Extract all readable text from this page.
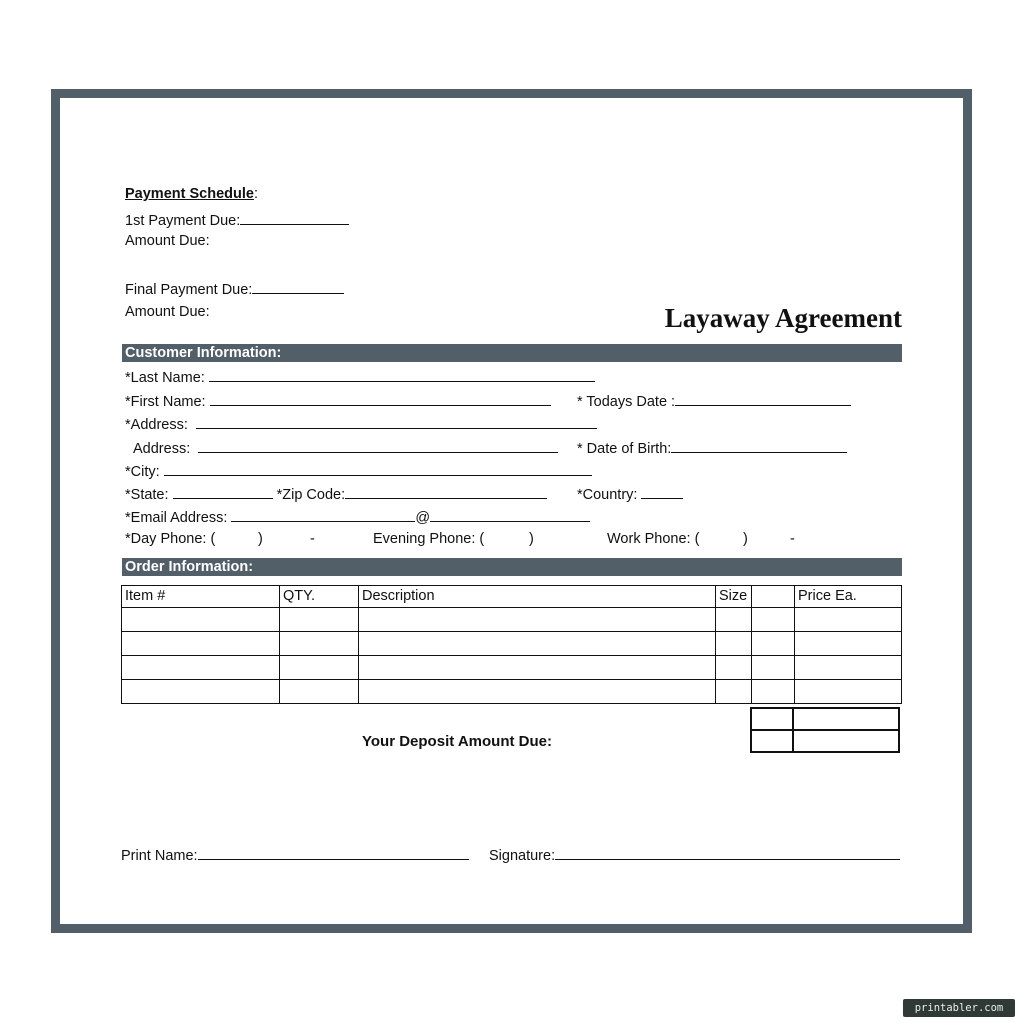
Payment Schedule:
1st Payment Due:
Amount Due:
Final Payment Due:
Amount Due:	Layaway Agreement
Customer Information:
*Last Name:
*First Name:	* Todays Date :
*Address:
Address:	* Date of Birth:
*City:
*State:	*Zip Code:	*Country:
*Email Address:	@
*Day Phone: (	)	-	Evening Phone: (	)	Work Phone: (	)	-
Order Information:
Item #	QTY.	Description	Size		Price Ea.

Your Deposit Amount Due:
Print Name:	Signature:
printabler.com
